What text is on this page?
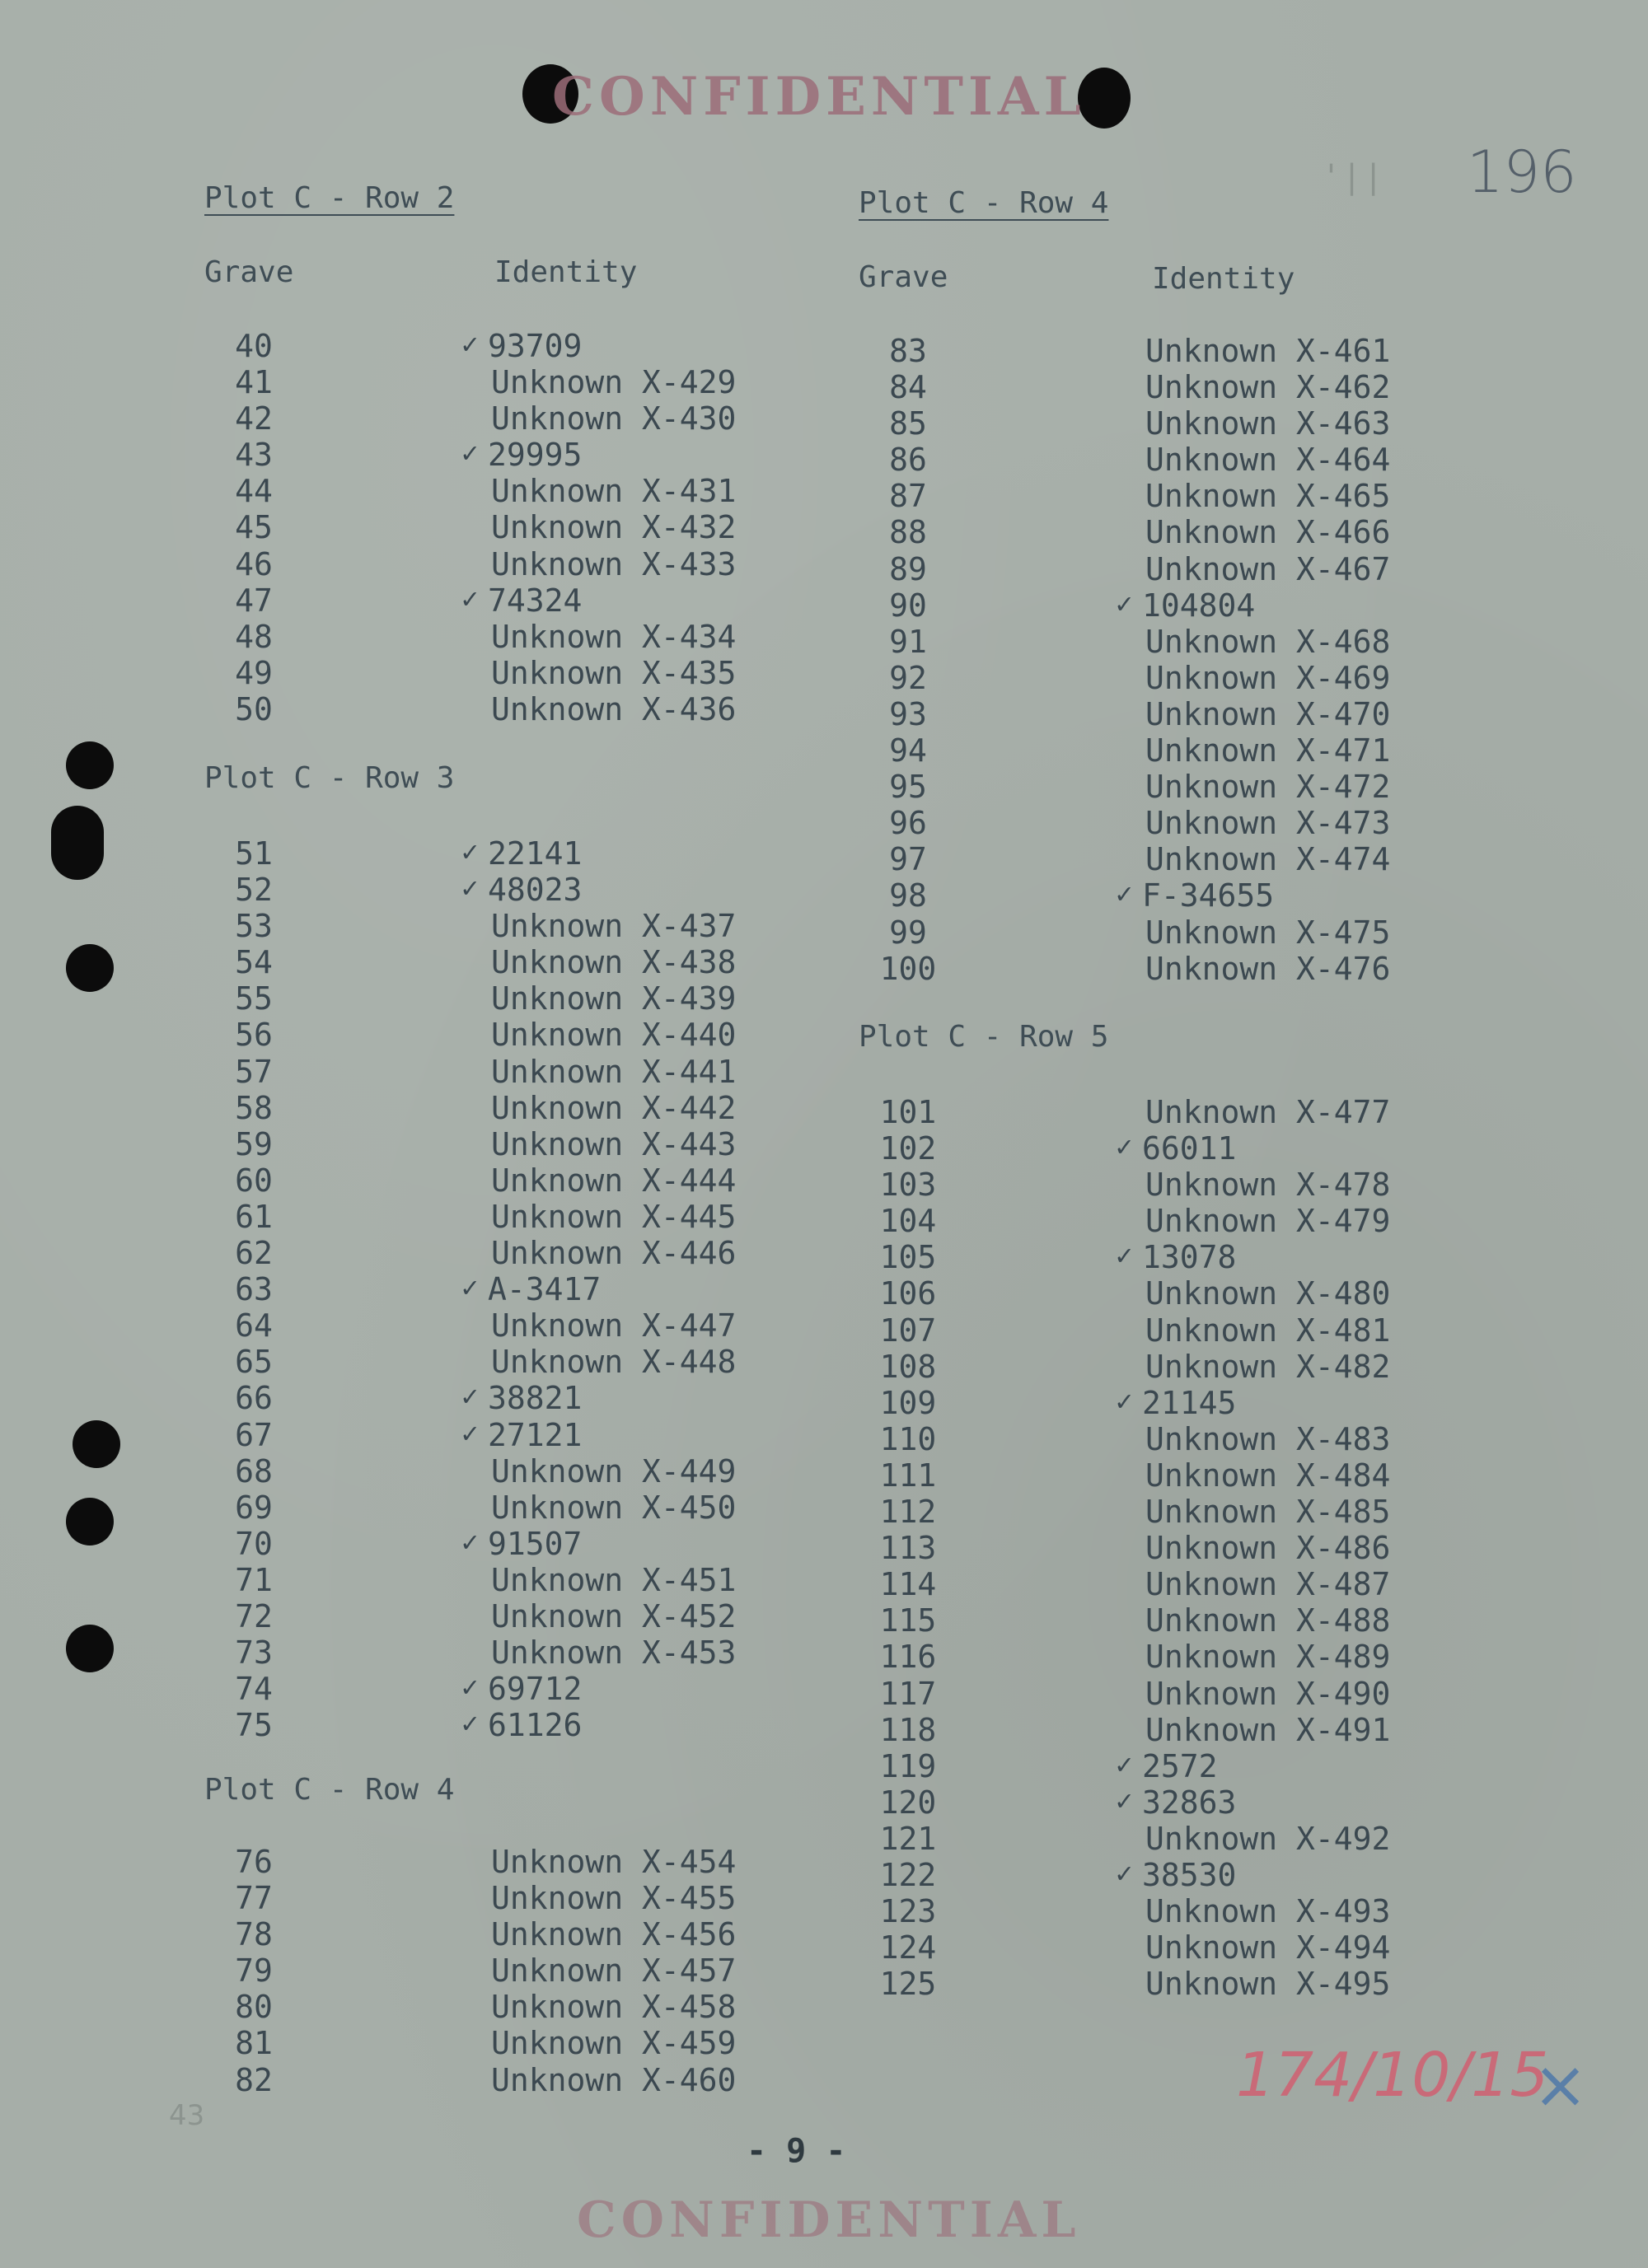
CONFIDENTIAL
CONFIDENTIAL
' | | 196
Plot C - Row 2
Grave	Identity
40	✓ 93709
41	Unknown X-429
42	Unknown X-430
43	✓ 29995
44	Unknown X-431
45	Unknown X-432
46	Unknown X-433
47	✓ 74324
48	Unknown X-434
49	Unknown X-435
50	Unknown X-436
Plot C - Row 3
51	✓ 22141
52	✓ 48023
53	Unknown X-437
54	Unknown X-438
55	Unknown X-439
56	Unknown X-440
57	Unknown X-441
58	Unknown X-442
59	Unknown X-443
60	Unknown X-444
61	Unknown X-445
62	Unknown X-446
63	✓ A-3417
64	Unknown X-447
65	Unknown X-448
66	✓ 38821
67	✓ 27121
68	Unknown X-449
69	Unknown X-450
70	✓ 91507
71	Unknown X-451
72	Unknown X-452
73	Unknown X-453
74	✓ 69712
75	✓ 61126
Plot C - Row 4
76	Unknown X-454
77	Unknown X-455
78	Unknown X-456
79	Unknown X-457
80	Unknown X-458
81	Unknown X-459
82	Unknown X-460
Plot C - Row 4
Grave	Identity
83	Unknown X-461
84	Unknown X-462
85	Unknown X-463
86	Unknown X-464
87	Unknown X-465
88	Unknown X-466
89	Unknown X-467
90	✓ 104804
91	Unknown X-468
92	Unknown X-469
93	Unknown X-470
94	Unknown X-471
95	Unknown X-472
96	Unknown X-473
97	Unknown X-474
98	✓ F-34655
99	Unknown X-475
100	Unknown X-476
Plot C - Row 5
101	Unknown X-477
102	✓ 66011
103	Unknown X-478
104	Unknown X-479
105	✓ 13078
106	Unknown X-480
107	Unknown X-481
108	Unknown X-482
109	✓ 21145
110	Unknown X-483
111	Unknown X-484
112	Unknown X-485
113	Unknown X-486
114	Unknown X-487
115	Unknown X-488
116	Unknown X-489
117	Unknown X-490
118	Unknown X-491
119	✓ 2572
120	✓ 32863
121	Unknown X-492
122	✓ 38530
123	Unknown X-493
124	Unknown X-494
125	Unknown X-495
174/10/15
×
43
- 9 -
